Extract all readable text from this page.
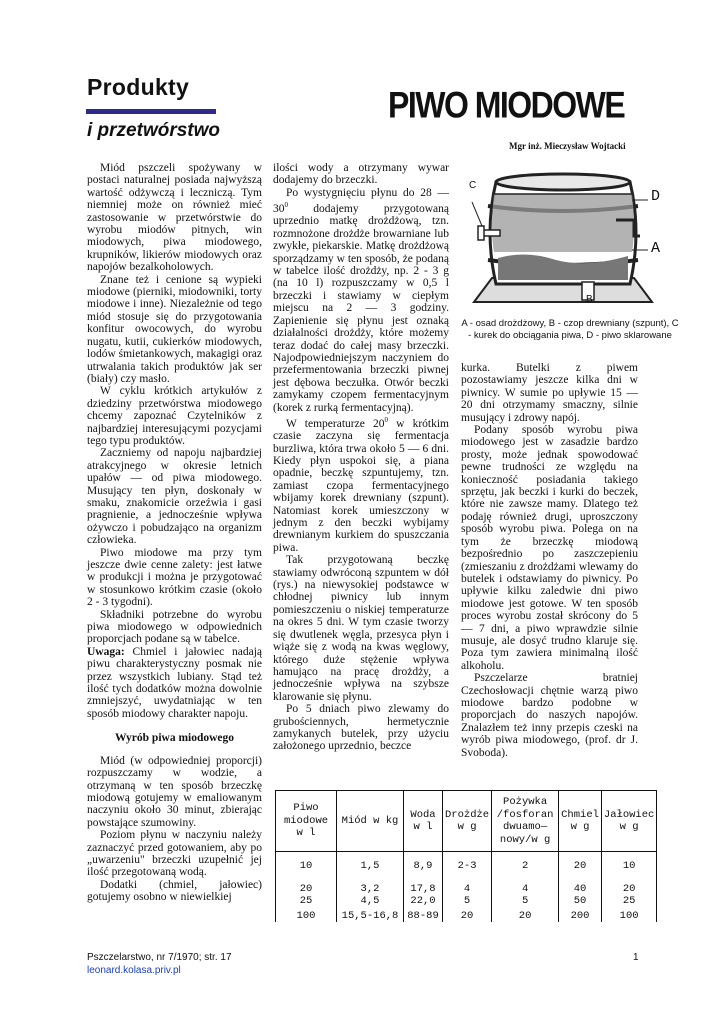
Produkty
i przetwórstwo
PIWO MIODOWE
Mgr inż. Mieczysław Wojtacki

Miód pszczeli spożywany w postaci naturalnej posiada najwyższą wartość odżywczą i leczniczą. Tym niemniej może on również mieć zastosowanie w przetwórstwie do wyrobu miodów pitnych, win miodowych, piwa miodowego, krupników, likierów miodowych oraz napojów bezalkoholowych.

Znane też i cenione są wypieki miodowe (pierniki, miodowniki, torty miodowe i inne). Niezależnie od tego miód stosuje się do przygotowania konfitur owocowych, do wyrobu nugatu, kutii, cukierków miodowych, lodów śmietankowych, makagigi oraz utrwalania takich produktów jak ser (biały) czy masło.

W cyklu krótkich artykułów z dziedziny przetwórstwa miodowego chcemy zapoznać Czytelników z najbardziej interesującymi pozycjami tego typu produktów.

Zaczniemy od napoju najbardziej atrakcyjnego w okresie letnich upałów — od piwa miodowego. Musujący ten płyn, doskonały w smaku, znakomicie orzeźwia i gasi pragnienie, a jednocześnie wpływa ożywczo i pobudzająco na organizm człowieka.

Piwo miodowe ma przy tym jeszcze dwie cenne zalety: jest łatwe w produkcji i można je przygotować w stosunkowo krótkim czasie (około 2 - 3 tygodni).

Składniki potrzebne do wyrobu piwa miodowego w odpowiednich proporcjach podane są w tabelce.

Uwaga: Chmiel i jałowiec nadają piwu charakterystyczny posmak nie przez wszystkich lubiany. Stąd też ilość tych dodatków można dowolnie zmniejszyć, uwydatniając w ten sposób miodowy charakter napoju.

Wyrób piwa miodowego

Miód (w odpowiedniej proporcji) rozpuszczamy w wodzie, a otrzymaną w ten sposób brzeczkę miodową gotujemy w emaliowanym naczyniu około 30 minut, zbierając powstające szumowiny.

Poziom płynu w naczyniu należy zaznaczyć przed gotowaniem, aby po „uwarzeniu" brzeczki uzupełnić jej ilość przegotowaną wodą.

Dodatki (chmiel, jałowiec) gotujemy osobno w niewielkiej

ilości wody a otrzymany wywar dodajemy do brzeczki.

Po wystygnięciu płynu do 28 — $30^0$ dodajemy przygotowaną uprzednio matkę drożdżową, tzn. rozmnożone drożdże browarniane lub zwykłe, piekarskie. Matkę drożdżową sporządzamy w ten sposób, że podaną w tabelce ilość drożdży, np. 2 - 3 g (na 10 l) rozpuszczamy w 0,5 l brzeczki i stawiamy w ciepłym miejscu na 2 — 3 godziny. Zapienienie się płynu jest oznaką działalności drożdży, które możemy teraz dodać do całej masy brzeczki. Najodpowiedniejszym naczyniem do przefermentowania brzeczki piwnej jest dębowa beczułka. Otwór beczki zamykamy czopem fermentacyjnym (korek z rurką fermentacyjną).

W temperaturze $20^0$ w krótkim czasie zaczyna się fermentacja burzliwa, która trwa około 5 — 6 dni. Kiedy płyn uspokoi się, a piana opadnie, beczkę szpuntujemy, tzn. zamiast czopa fermentacyjnego wbijamy korek drewniany (szpunt). Natomiast korek umieszczony w jednym z den beczki wybijamy drewnianym kurkiem do spuszczania piwa.

Tak przygotowaną beczkę stawiamy odwróconą szpuntem w dół (rys.) na niewysokiej podstawce w chłodnej piwnicy lub innym pomieszczeniu o niskiej temperaturze na okres 5 dni. W tym czasie tworzy się dwutlenek węgla, przesyca płyn i wiąże się z wodą na kwas węglowy, którego duże stężenie wpływa hamująco na pracę drożdży, a jednocześnie wpływa na szybsze klarowanie się płynu.

Po 5 dniach piwo zlewamy do grubościennych, hermetycznie zamykanych butelek, przy użyciu założonego uprzednio, beczce

C
B
D
A
A - osad drożdżowy, B - czop drewniany (szpunt), C - kurek do obciągania piwa, D - piwo sklarowane

kurka. Butelki z piwem pozostawiamy jeszcze kilka dni w piwnicy. W sumie po upływie 15 —20 dni otrzymamy smaczny, silnie musujący i zdrowy napój.

Podany sposób wyrobu piwa miodowego jest w zasadzie bardzo prosty, może jednak spowodować pewne trudności ze względu na konieczność posiadania takiego sprzętu, jak beczki i kurki do beczek, które nie zawsze mamy. Dlatego też podaję również drugi, uproszczony sposób wyrobu piwa. Polega on na tym że brzeczkę miodową bezpośrednio po zaszczepieniu (zmieszaniu z drożdżami wlewamy do butelek i odstawiamy do piwnicy. Po upływie kilku zaledwie dni piwo miodowe jest gotowe. W ten sposób proces wyrobu został skrócony do 5 — 7 dni, a piwo wprawdzie silnie musuje, ale dosyć trudno klaruje się. Poza tym zawiera minimalną ilość alkoholu.

Pszczelarze bratniej Czechosłowacji chętnie warzą piwo miodowe bardzo podobne w proporcjach do naszych napojów. Znalazłem też inny przepis czeski na wyrób piwa miodowego, (prof. dr J. Svoboda).

Piwo miodowe w l	Miód w kg	Woda w l	Drożdże w g	Pożywka /fosforan dwuamo— nowy/w g	Chmiel w g	Jałowiec w g
10	1,5	8,9	2-3	2	20	10
20	3,2	17,8	4	4	40	20
25	4,5	22,0	5	5	50	25
100	15,5-16,8	88-89	20	20	200	100
Pszczelarstwo, nr 7/1970; str. 17
leonard.kolasa.priv.pl
1
